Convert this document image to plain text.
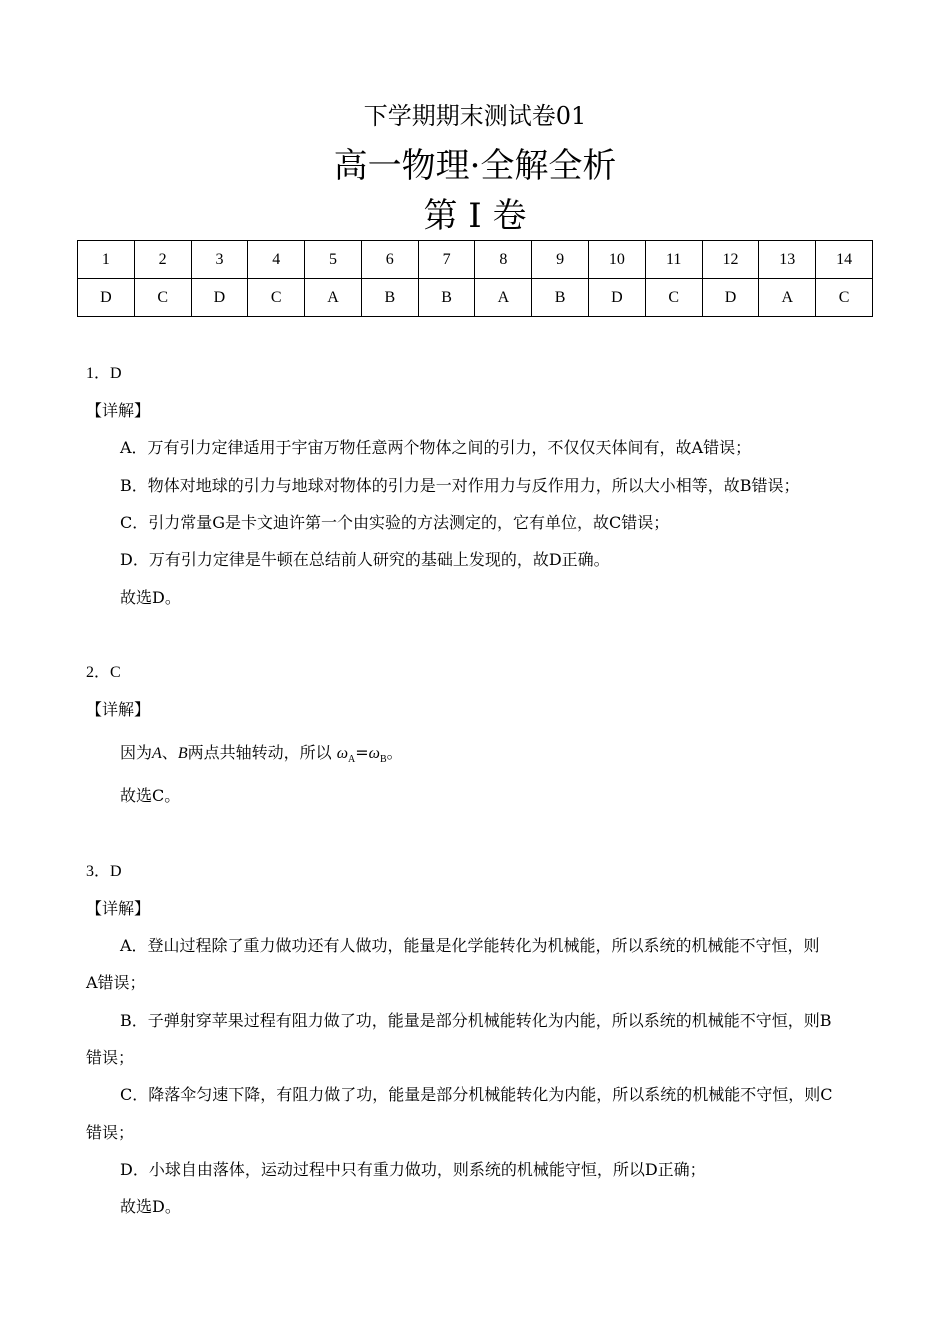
下学期期末测试卷01
高一物理·全解全析
第 I 卷
1	2	3	4	5	6	7	8	9	10	11	12	13	14
D	C	D	C	A	B	B	A	B	D	C	D	A	C
1．D
【详解】
A．万有引力定律适用于宇宙万物任意两个物体之间的引力，不仅仅天体间有，故A错误；
B．物体对地球的引力与地球对物体的引力是一对作用力与反作用力，所以大小相等，故B错误；
C．引力常量G是卡文迪许第一个由实验的方法测定的，它有单位，故C错误；
D．万有引力定律是牛顿在总结前人研究的基础上发现的，故D正确。
故选D。
2．C
【详解】
因为A、B两点共轴转动，所以 $\omega_A=\omega_B$。
故选C。
3．D
【详解】
A．登山过程除了重力做功还有人做功，能量是化学能转化为机械能，所以系统的机械能不守恒，则
A错误；
B．子弹射穿苹果过程有阻力做了功，能量是部分机械能转化为内能，所以系统的机械能不守恒，则B
错误；
C．降落伞匀速下降，有阻力做了功，能量是部分机械能转化为内能，所以系统的机械能不守恒，则C
错误；
D．小球自由落体，运动过程中只有重力做功，则系统的机械能守恒，所以D正确；
故选D。
